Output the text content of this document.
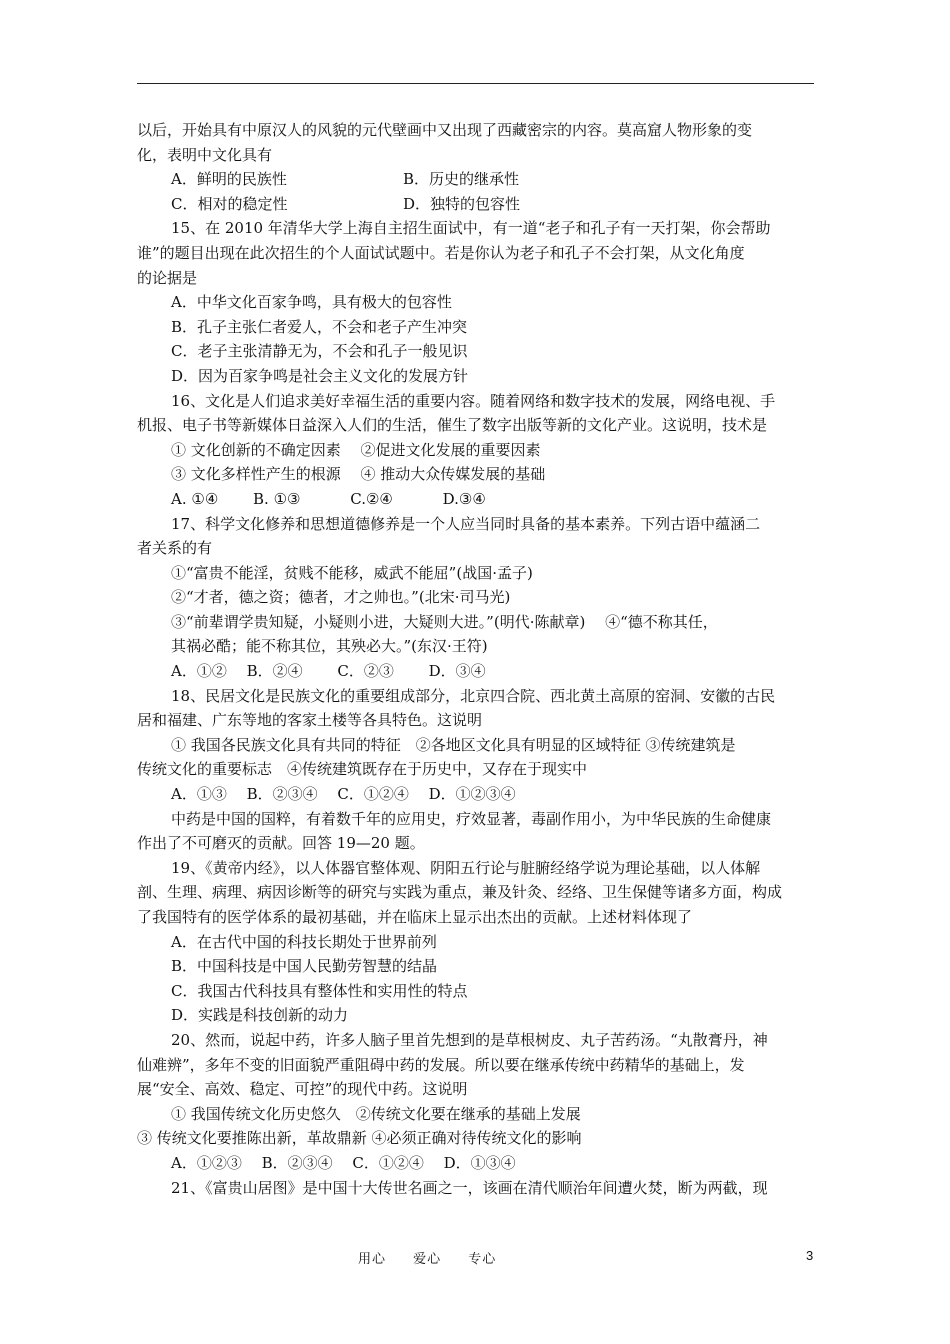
以后，开始具有中原汉人的风貌的元代壁画中又出现了西藏密宗的内容。莫高窟人物形象的变
化，表明中文化具有
A．鲜明的民族性	B．历史的继承性
C．相对的稳定性	D．独特的包容性
15、在 2010 年清华大学上海自主招生面试中，有一道“老子和孔子有一天打架，你会帮助
谁”的题目出现在此次招生的个人面试试题中。若是你认为老子和孔子不会打架，从文化角度
的论据是
A．中华文化百家争鸣，具有极大的包容性
B．孔子主张仁者爱人，不会和老子产生冲突
C．老子主张清静无为，不会和孔子一般见识
D．因为百家争鸣是社会主义文化的发展方针
16、文化是人们追求美好幸福生活的重要内容。随着网络和数字技术的发展，网络电视、手
机报、电子书等新媒体日益深入人们的生活，催生了数字出版等新的文化产业。这说明，技术是
① 文化创新的不确定因素　 ②促进文化发展的重要因素
③ 文化多样性产生的根源　 ④ 推动大众传媒发展的基础
A. ①④　　 B. ①③　　　 C.②④　　　 D.③④
17、科学文化修养和思想道德修养是一个人应当同时具备的基本素养。下列古语中蕴涵二
者关系的有
①“富贵不能淫，贫贱不能移，威武不能屈”(战国·孟子)
②“才者，德之资；德者，才之帅也。”(北宋·司马光)
③“前辈谓学贵知疑，小疑则小进，大疑则大进。”(明代·陈献章)　 ④“德不称其任，
其祸必酷；能不称其位，其殃必大。”(东汉·王符)
A．①②　 B．②④　　 C．②③　　 D．③④
18、民居文化是民族文化的重要组成部分，北京四合院、西北黄土高原的窑洞、安徽的古民
居和福建、广东等地的客家土楼等各具特色。这说明
① 我国各民族文化具有共同的特征　②各地区文化具有明显的区域特征 ③传统建筑是
传统文化的重要标志　④传统建筑既存在于历史中，又存在于现实中
A．①③　 B．②③④　 C．①②④　 D．①②③④
中药是中国的国粹，有着数千年的应用史，疗效显著，毒副作用小，为中华民族的生命健康
作出了不可磨灭的贡献。回答 19—20 题。
19、《黄帝内经》，以人体器官整体观、阴阳五行论与脏腑经络学说为理论基础，以人体解
剖、生理、病理、病因诊断等的研究与实践为重点，兼及针灸、经络、卫生保健等诸多方面，构成
了我国特有的医学体系的最初基础，并在临床上显示出杰出的贡献。上述材料体现了
A．在古代中国的科技长期处于世界前列
B．中国科技是中国人民勤劳智慧的结晶
C．我国古代科技具有整体性和实用性的特点
D．实践是科技创新的动力
20、然而，说起中药，许多人脑子里首先想到的是草根树皮、丸子苦药汤。“丸散膏丹，神
仙难辨”，多年不变的旧面貌严重阻碍中药的发展。所以要在继承传统中药精华的基础上，发
展“安全、高效、稳定、可控”的现代中药。这说明
① 我国传统文化历史悠久　②传统文化要在继承的基础上发展
③ 传统文化要推陈出新，革故鼎新 ④必须正确对待传统文化的影响
A．①②③　 B．②③④　 C．①②④　 D．①③④
21、《富贵山居图》是中国十大传世名画之一，该画在清代顺治年间遭火焚，断为两截，现
用心 爱心 专心	3
